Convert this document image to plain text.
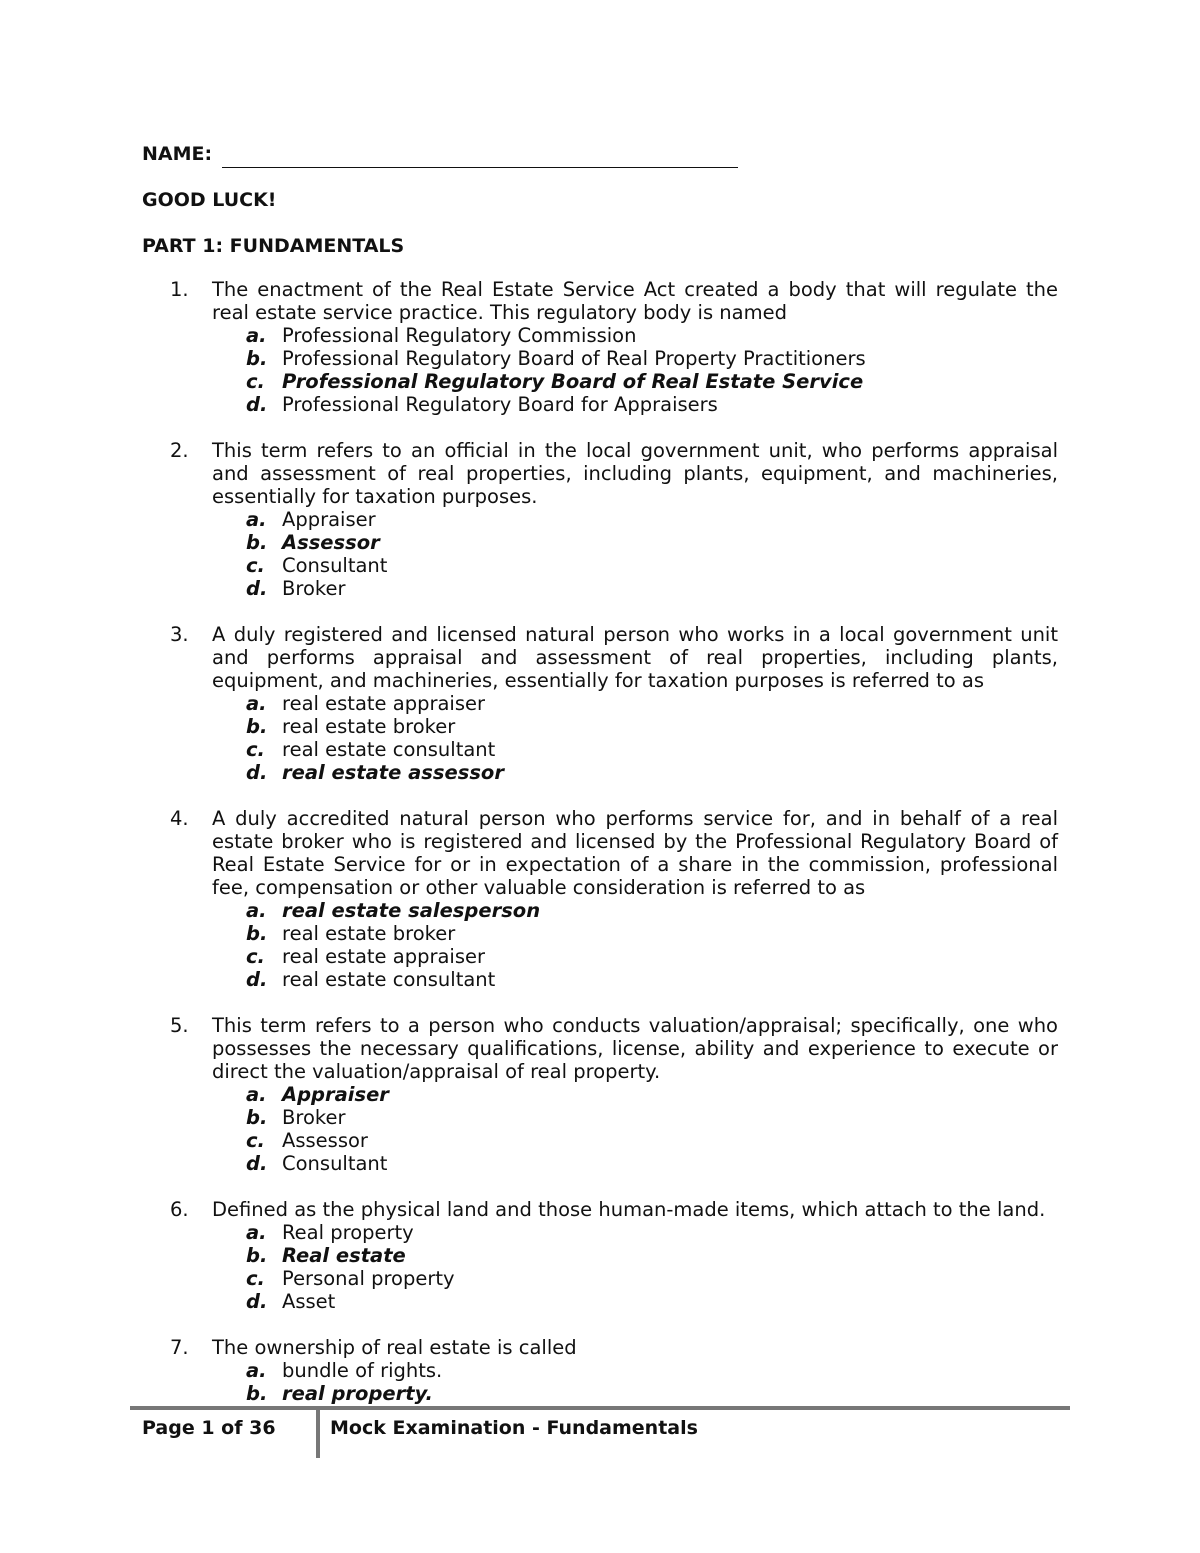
NAME:
GOOD LUCK!
PART 1: FUNDAMENTALS
1.	The enactment of the Real Estate Service Act created a body that will regulate the real estate service practice. This regulatory body is named
a. Professional Regulatory Commission
b. Professional Regulatory Board of Real Property Practitioners
c. Professional Regulatory Board of Real Estate Service
d. Professional Regulatory Board for Appraisers
2.	This term refers to an official in the local government unit, who performs appraisal and assessment of real properties, including plants, equipment, and machineries, essentially for taxation purposes.
a. Appraiser
b. Assessor
c. Consultant
d. Broker
3.	A duly registered and licensed natural person who works in a local government unit and performs appraisal and assessment of real properties, including plants, equipment, and machineries, essentially for taxation purposes is referred to as
a. real estate appraiser
b. real estate broker
c. real estate consultant
d. real estate assessor
4.	A duly accredited natural person who performs service for, and in behalf of a real estate broker who is registered and licensed by the Professional Regulatory Board of Real Estate Service for or in expectation of a share in the commission, professional fee, compensation or other valuable consideration is referred to as
a. real estate salesperson
b. real estate broker
c. real estate appraiser
d. real estate consultant
5.	This term refers to a person who conducts valuation/appraisal; specifically, one who possesses the necessary qualifications, license, ability and experience to execute or direct the valuation/appraisal of real property.
a. Appraiser
b. Broker
c. Assessor
d. Consultant
6.	Defined as the physical land and those human-made items, which attach to the land.
a. Real property
b. Real estate
c. Personal property
d. Asset
7.	The ownership of real estate is called
a. bundle of rights.
b. real property.
Page 1 of 36	Mock Examination - Fundamentals
